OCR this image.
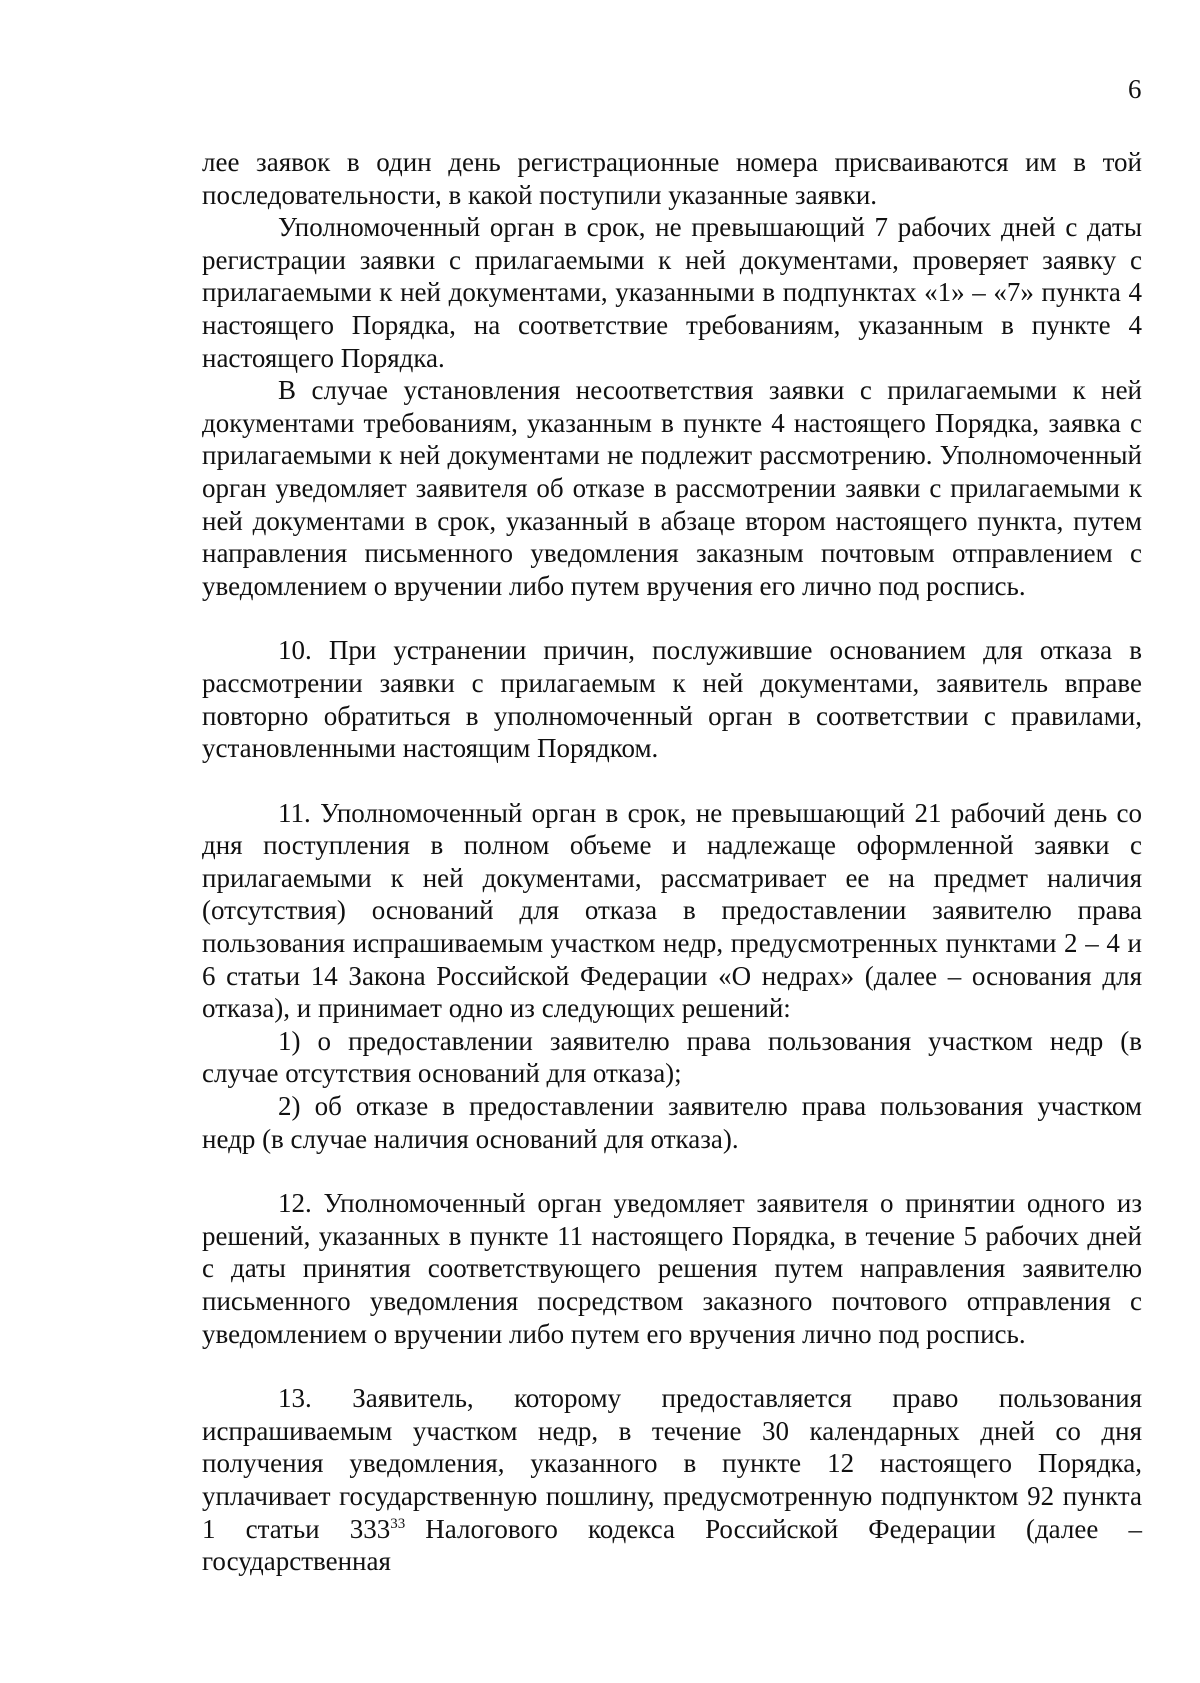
6

лее заявок в один день регистрационные номера присваиваются им в той последовательности, в какой поступили указанные заявки.

Уполномоченный орган в срок, не превышающий 7 рабочих дней с даты регистрации заявки с прилагаемыми к ней документами, проверяет заявку с прилагаемыми к ней документами, указанными в подпунктах «1» – «7» пункта 4 настоящего Порядка, на соответствие требованиям, указанным в пункте 4 настоящего Порядка.

В случае установления несоответствия заявки с прилагаемыми к ней документами требованиям, указанным в пункте 4 настоящего Порядка, заявка с прилагаемыми к ней документами не подлежит рассмотрению. Уполномоченный орган уведомляет заявителя об отказе в рассмотрении заявки с прилагаемыми к ней документами в срок, указанный в абзаце втором настоящего пункта, путем направления письменного уведомления заказным почтовым отправлением с уведомлением о вручении либо путем вручения его лично под роспись.

10. При устранении причин, послужившие основанием для отказа в рассмотрении заявки с прилагаемым к ней документами, заявитель вправе повторно обратиться в уполномоченный орган в соответствии с правилами, установленными настоящим Порядком.

11. Уполномоченный орган в срок, не превышающий 21 рабочий день со дня поступления в полном объеме и надлежаще оформленной заявки с прилагаемыми к ней документами, рассматривает ее на предмет наличия (отсутствия) оснований для отказа в предоставлении заявителю права пользования испрашиваемым участком недр, предусмотренных пунктами 2 – 4 и 6 статьи 14 Закона Российской Федерации «О недрах» (далее – основания для отказа), и принимает одно из следующих решений:

1) о предоставлении заявителю права пользования участком недр (в случае отсутствия оснований для отказа);

2) об отказе в предоставлении заявителю права пользования участком недр (в случае наличия оснований для отказа).

12. Уполномоченный орган уведомляет заявителя о принятии одного из решений, указанных в пункте 11 настоящего Порядка, в течение 5 рабочих дней с даты принятия соответствующего решения путем направления заявителю письменного уведомления посредством заказного почтового отправления с уведомлением о вручении либо путем его вручения лично под роспись.

13. Заявитель, которому предоставляется право пользования испрашиваемым участком недр, в течение 30 календарных дней со дня получения уведомления, указанного в пункте 12 настоящего Порядка, уплачивает государственную пошлину, предусмотренную подпунктом 92 пункта 1 статьи $333^{33}$ Налогового кодекса Российской Федерации (далее – государственная
